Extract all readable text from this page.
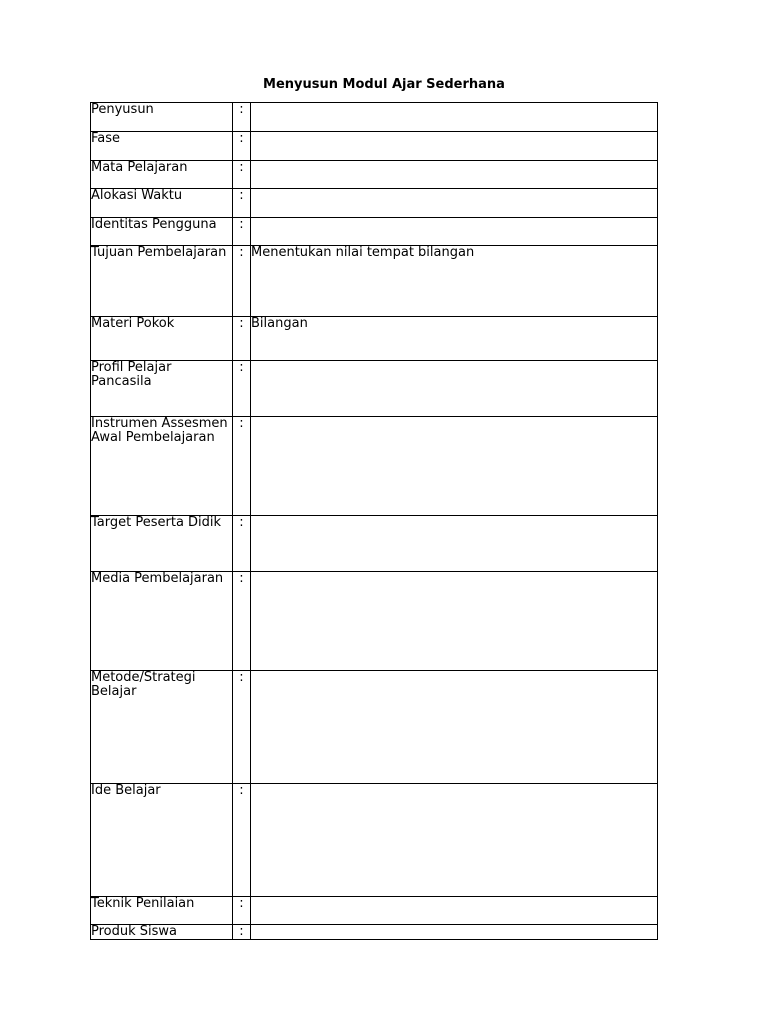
Menyusun Modul Ajar Sederhana
Penyusun	:	
Fase	:	
Mata Pelajaran	:	
Alokasi Waktu	:	
Identitas Pengguna	:	
Tujuan Pembelajaran	:	Menentukan nilai tempat bilangan
Materi Pokok	:	Bilangan
Profil Pelajar Pancasila	:	
Instrumen Assesmen Awal Pembelajaran	:	
Target Peserta Didik	:	
Media Pembelajaran	:	
Metode/Strategi Belajar	:	
Ide Belajar	:	
Teknik Penilaian	:	
Produk Siswa	:	
